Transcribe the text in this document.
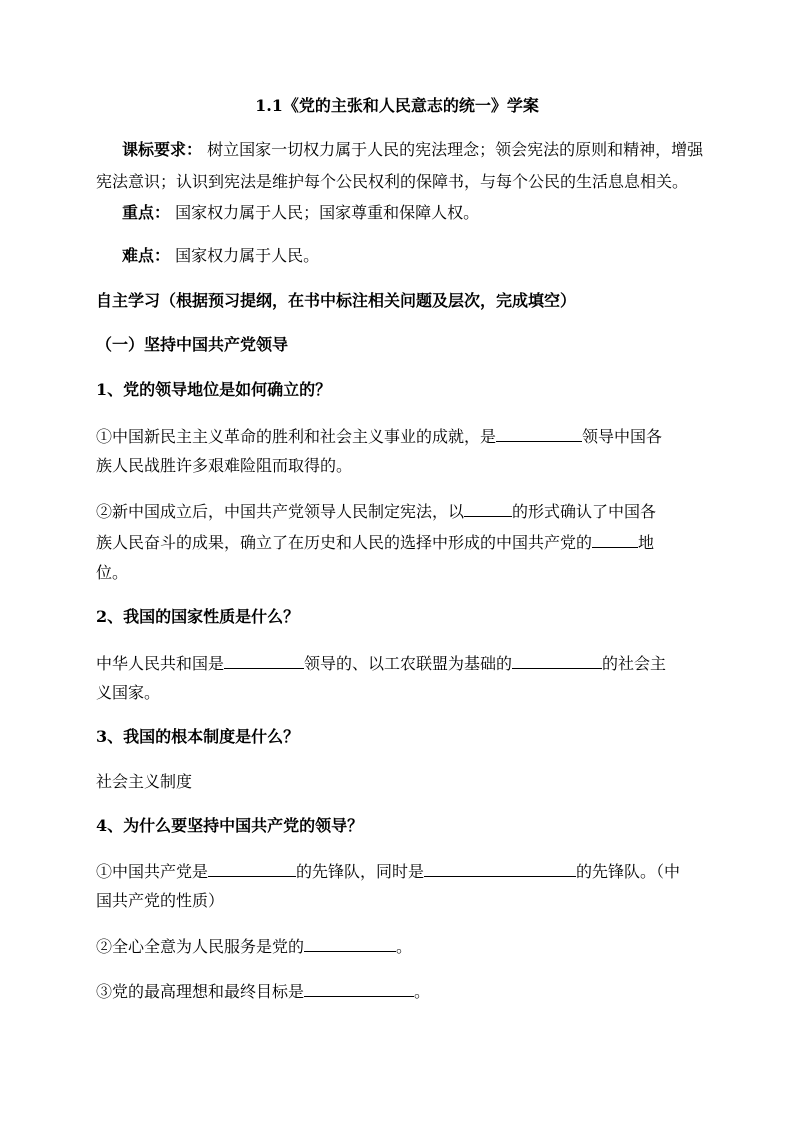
1.1《党的主张和人民意志的统一》学案
课标要求： 树立国家一切权力属于人民的宪法理念；领会宪法的原则和精神，增强
宪法意识；认识到宪法是维护每个公民权利的保障书，与每个公民的生活息息相关。
重点： 国家权力属于人民；国家尊重和保障人权。
难点： 国家权力属于人民。
自主学习（根据预习提纲，在书中标注相关问题及层次，完成填空）
（一）坚持中国共产党领导
1、党的领导地位是如何确立的？
①中国新民主主义革命的胜利和社会主义事业的成就，是	领导中国各
族人民战胜许多艰难险阻而取得的。
②新中国成立后，中国共产党领导人民制定宪法，以	的形式确认了中国各
族人民奋斗的成果，确立了在历史和人民的选择中形成的中国共产党的	地
位。
2、我国的国家性质是什么？
中华人民共和国是	领导的、以工农联盟为基础的	的社会主
义国家。
3、我国的根本制度是什么？
社会主义制度
4、为什么要坚持中国共产党的领导？
①中国共产党是	的先锋队，同时是	的先锋队。（中
国共产党的性质）
②全心全意为人民服务是党的	。
③党的最高理想和最终目标是	。
